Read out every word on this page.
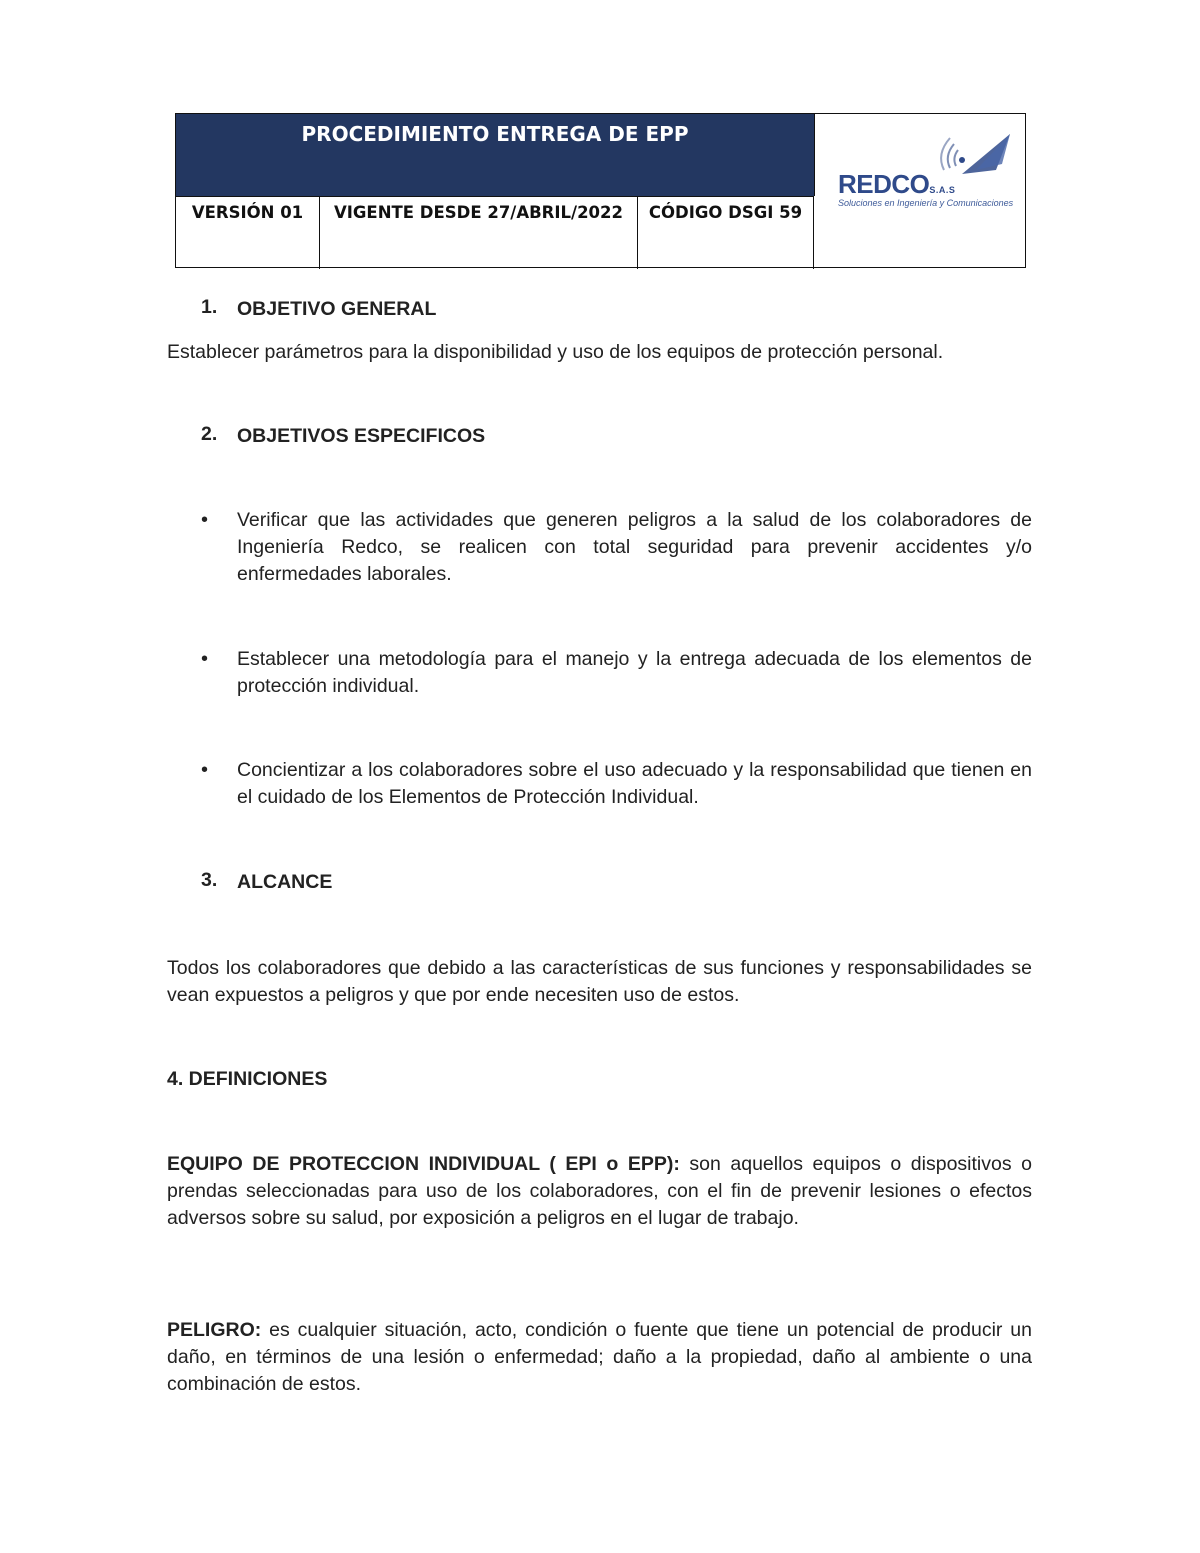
PROCEDIMIENTO ENTREGA DE EPP
VERSIÓN 01	VIGENTE DESDE 27/ABRIL/2022	CÓDIGO DSGI 59
REDCOS.A.S
Soluciones en Ingeniería y Comunicaciones
1. OBJETIVO GENERAL
Establecer parámetros para la disponibilidad y uso de los equipos de protección personal.
2. OBJETIVOS ESPECIFICOS
• Verificar que las actividades que generen peligros a la salud de los colaboradores de Ingeniería Redco, se realicen con total seguridad para prevenir accidentes y/o enfermedades laborales.
• Establecer una metodología para el manejo y la entrega adecuada de los elementos de protección individual.
• Concientizar a los colaboradores sobre el uso adecuado y la responsabilidad que tienen en el cuidado de los Elementos de Protección Individual.
3. ALCANCE
Todos los colaboradores que debido a las características de sus funciones y responsabilidades se vean expuestos a peligros y que por ende necesiten uso de estos.
4. DEFINICIONES
EQUIPO DE PROTECCION INDIVIDUAL ( EPI o EPP): son aquellos equipos o dispositivos o prendas seleccionadas para uso de los colaboradores, con el fin de prevenir lesiones o efectos adversos sobre su salud, por exposición a peligros en el lugar de trabajo.
PELIGRO: es cualquier situación, acto, condición o fuente que tiene un potencial de producir un daño, en términos de una lesión o enfermedad; daño a la propiedad, daño al ambiente o una combinación de estos.
